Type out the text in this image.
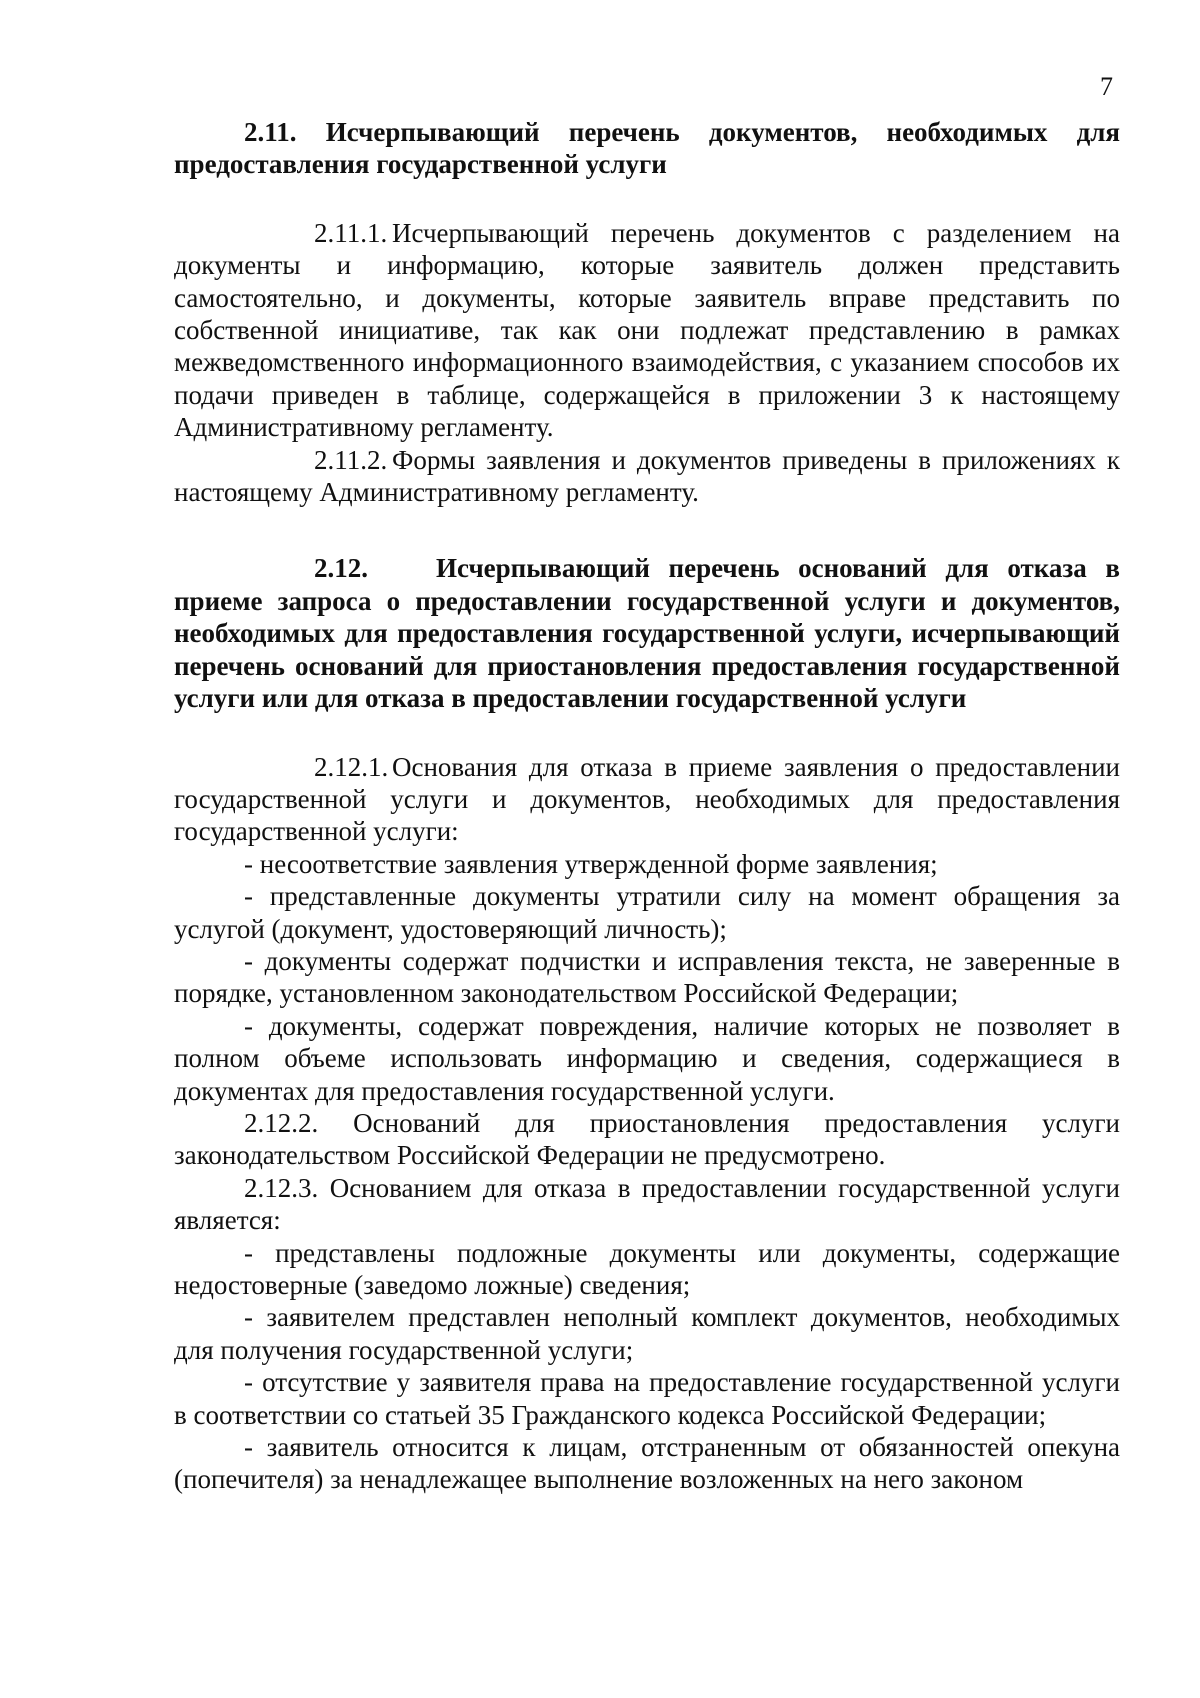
7

2.11. Исчерпывающий перечень документов, необходимых для предоставления государственной услуги

2.11.1. Исчерпывающий перечень документов с разделением на документы и информацию, которые заявитель должен представить самостоятельно, и документы, которые заявитель вправе представить по собственной инициативе, так как они подлежат представлению в рамках межведомственного информационного взаимодействия, с указанием способов их подачи приведен в таблице, содержащейся в приложении 3 к настоящему Административному регламенту.

2.11.2. Формы заявления и документов приведены в приложениях к настоящему Административному регламенту.

2.12.	Исчерпывающий перечень оснований для отказа в приеме запроса о предоставлении государственной услуги и документов, необходимых для предоставления государственной услуги, исчерпывающий перечень оснований для приостановления предоставления государственной услуги или для отказа в предоставлении государственной услуги

2.12.1. Основания для отказа в приеме заявления о предоставлении государственной услуги и документов, необходимых для предоставления государственной услуги:

- несоответствие заявления утвержденной форме заявления;

- представленные документы утратили силу на момент обращения за услугой (документ, удостоверяющий личность);

- документы содержат подчистки и исправления текста, не заверенные в порядке, установленном законодательством Российской Федерации;

- документы, содержат повреждения, наличие которых не позволяет в полном объеме использовать информацию и сведения, содержащиеся в документах для предоставления государственной услуги.

2.12.2. Оснований для приостановления предоставления услуги законодательством Российской Федерации не предусмотрено.

2.12.3. Основанием для отказа в предоставлении государственной услуги является:

- представлены подложные документы или документы, содержащие недостоверные (заведомо ложные) сведения;

- заявителем представлен неполный комплект документов, необходимых для получения государственной услуги;

- отсутствие у заявителя права на предоставление государственной услуги в соответствии со статьей 35 Гражданского кодекса Российской Федерации;

- заявитель относится к лицам, отстраненным от обязанностей опекуна (попечителя) за ненадлежащее выполнение возложенных на него законом
